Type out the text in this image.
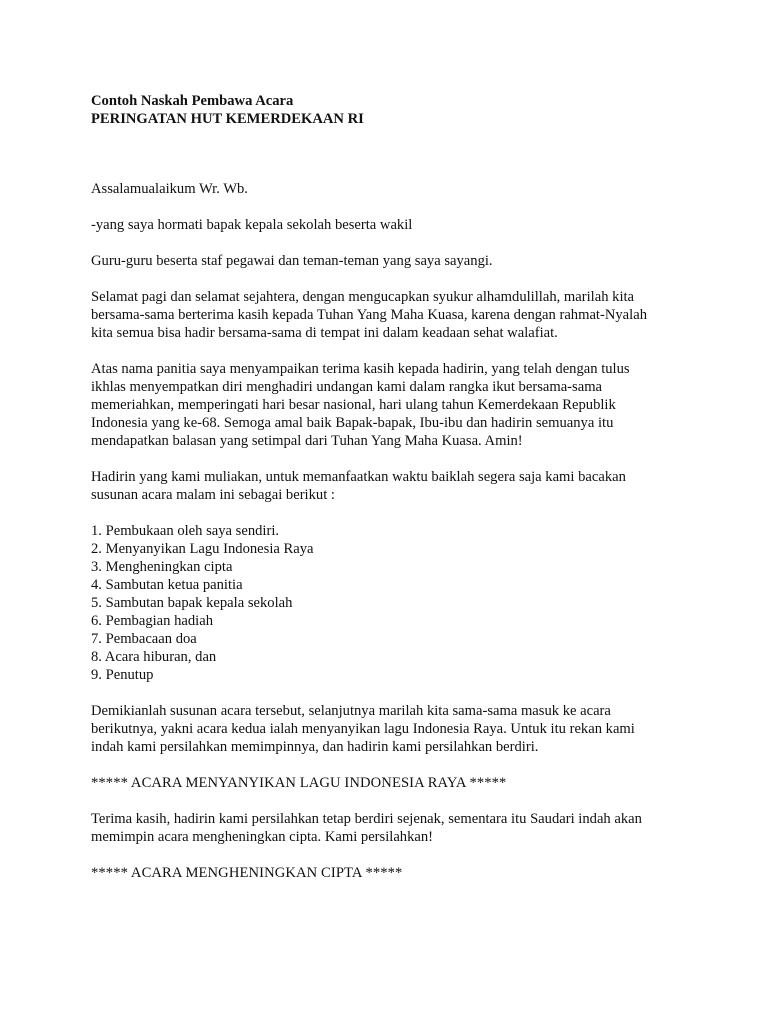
Contoh Naskah Pembawa Acara
PERINGATAN HUT KEMERDEKAAN RI

Assalamualaikum Wr. Wb.

-yang saya hormati bapak kepala sekolah beserta wakil

Guru-guru beserta staf pegawai dan teman-teman yang saya sayangi.

Selamat pagi dan selamat sejahtera, dengan mengucapkan syukur alhamdulillah, marilah kita
bersama-sama berterima kasih kepada Tuhan Yang Maha Kuasa, karena dengan rahmat-Nyalah
kita semua bisa hadir bersama-sama di tempat ini dalam keadaan sehat walafiat.

Atas nama panitia saya menyampaikan terima kasih kepada hadirin, yang telah dengan tulus
ikhlas menyempatkan diri menghadiri undangan kami dalam rangka ikut bersama-sama
memeriahkan, memperingati hari besar nasional, hari ulang tahun Kemerdekaan Republik
Indonesia yang ke-68. Semoga amal baik Bapak-bapak, Ibu-ibu dan hadirin semuanya itu
mendapatkan balasan yang setimpal dari Tuhan Yang Maha Kuasa. Amin!

Hadirin yang kami muliakan, untuk memanfaatkan waktu baiklah segera saja kami bacakan
susunan acara malam ini sebagai berikut :

1. Pembukaan oleh saya sendiri.
2. Menyanyikan Lagu Indonesia Raya
3. Mengheningkan cipta
4. Sambutan ketua panitia
5. Sambutan bapak kepala sekolah
6. Pembagian hadiah
7. Pembacaan doa
8. Acara hiburan, dan
9. Penutup

Demikianlah susunan acara tersebut, selanjutnya marilah kita sama-sama masuk ke acara
berikutnya, yakni acara kedua ialah menyanyikan lagu Indonesia Raya. Untuk itu rekan kami
indah kami persilahkan memimpinnya, dan hadirin kami persilahkan berdiri.

***** ACARA MENYANYIKAN LAGU INDONESIA RAYA *****

Terima kasih, hadirin kami persilahkan tetap berdiri sejenak, sementara itu Saudari indah akan
memimpin acara mengheningkan cipta. Kami persilahkan!

***** ACARA MENGHENINGKAN CIPTA *****
